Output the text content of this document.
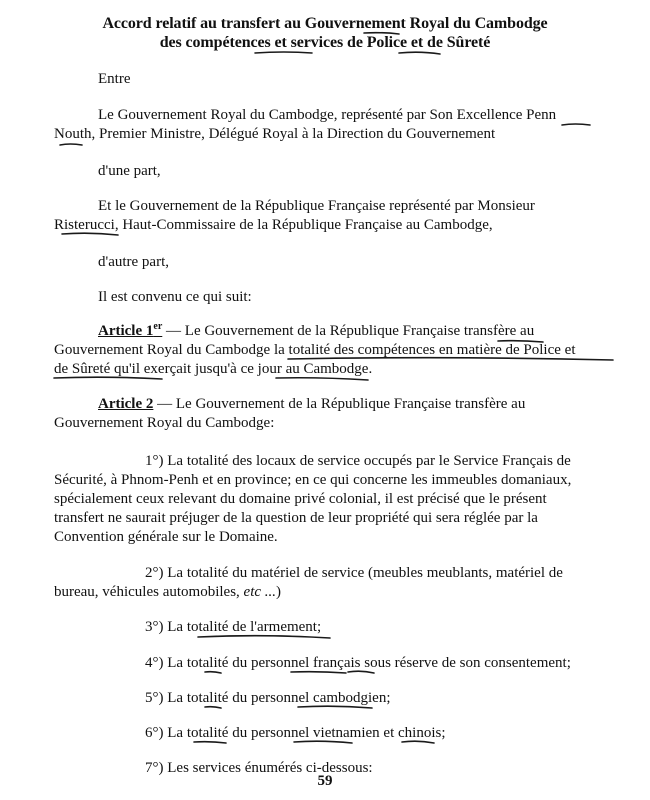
Accord relatif au transfert au Gouvernement Royal du Cambodge
des compétences et services de Police et de Sûreté
Entre
Le Gouvernement Royal du Cambodge, représenté par Son Excellence Penn
Nouth, Premier Ministre, Délégué Royal à la Direction du Gouvernement
d'une part,
Et le Gouvernement de la République Française représenté par Monsieur
Risterucci, Haut-Commissaire de la République Française au Cambodge,
d'autre part,
Il est convenu ce qui suit:
Article 1er — Le Gouvernement de la République Française transfère au
Gouvernement Royal du Cambodge la totalité des compétences en matière de Police et
de Sûreté qu'il exerçait jusqu'à ce jour au Cambodge.
Article 2 — Le Gouvernement de la République Française transfère au
Gouvernement Royal du Cambodge:
1°) La totalité des locaux de service occupés par le Service Français de
Sécurité, à Phnom-Penh et en province; en ce qui concerne les immeubles domaniaux,
spécialement ceux relevant du domaine privé colonial, il est précisé que le présent
transfert ne saurait préjuger de la question de leur propriété qui sera réglée par la
Convention générale sur le Domaine.
2°) La totalité du matériel de service (meubles meublants, matériel de
bureau, véhicules automobiles, etc ...)
3°) La totalité de l'armement;
4°) La totalité du personnel français sous réserve de son consentement;
5°) La totalité du personnel cambodgien;
6°) La totalité du personnel vietnamien et chinois;
7°) Les services énumérés ci-dessous:
59
